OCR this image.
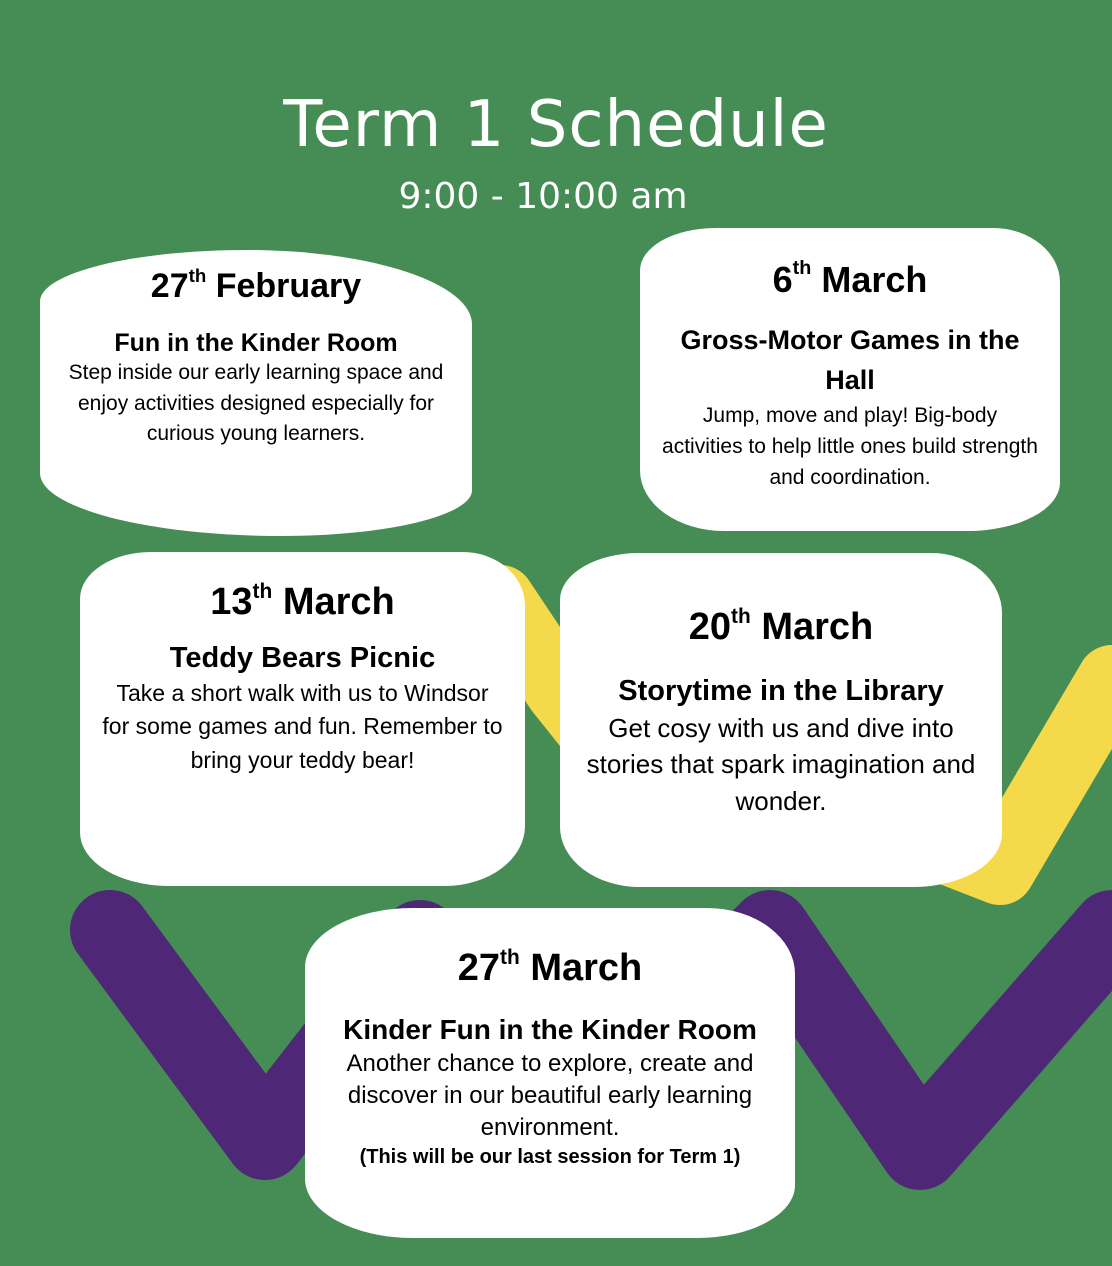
Term 1 Schedule

9:00 - 10:00 am

27th February

Fun in the Kinder Room

Step inside our early learning space and enjoy activities designed especially for curious young learners.

6th March

Gross-Motor Games in the Hall

Jump, move and play! Big-body activities to help little ones build strength and coordination.

13th March

Teddy Bears Picnic

Take a short walk with us to Windsor for some games and fun. Remember to bring your teddy bear!

20th March

Storytime in the Library

Get cosy with us and dive into stories that spark imagination and wonder.

27th March

Kinder Fun in the Kinder Room

Another chance to explore, create and discover in our beautiful early learning environment.

(This will be our last session for Term 1)
